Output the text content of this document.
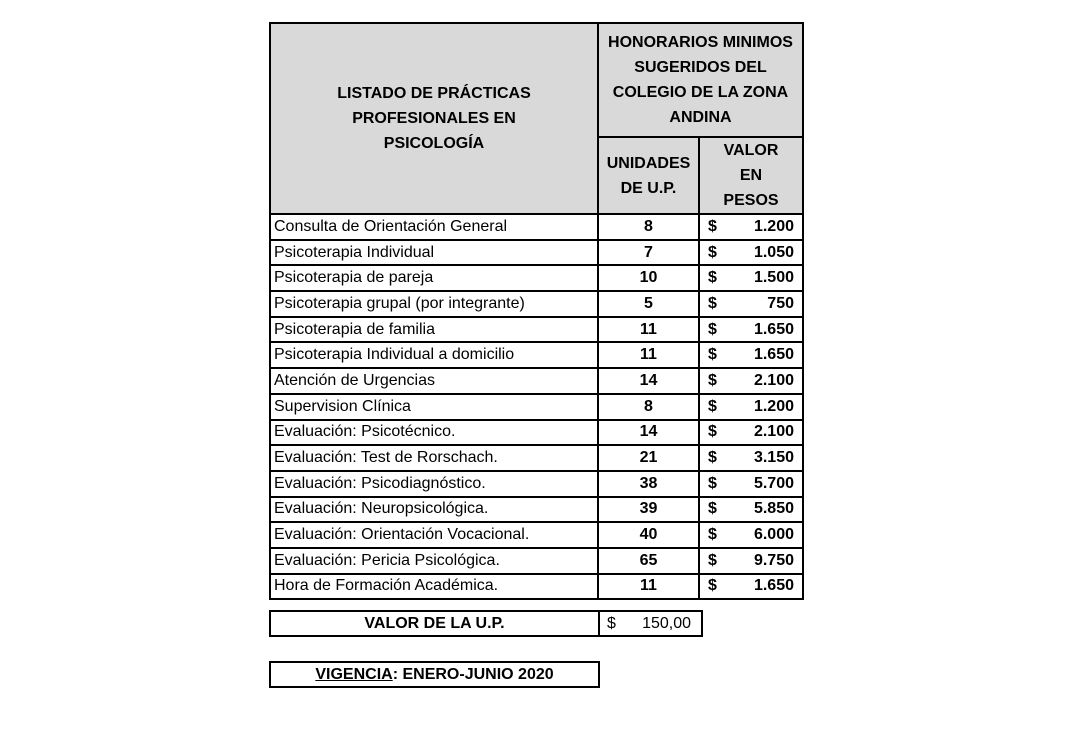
LISTADO DE PRÁCTICAS PROFESIONALES EN PSICOLOGÍA	HONORARIOS MINIMOS SUGERIDOS DEL COLEGIO DE LA ZONA ANDINA	

	UNIDADES DE U.P.	VALOR EN PESOS

Consulta de Orientación General	8	$ 1.200

Psicoterapia Individual	7	$ 1.050

Psicoterapia de pareja	10	$ 1.500

Psicoterapia grupal (por integrante)	5	$ 750

Psicoterapia de familia	11	$ 1.650

Psicoterapia Individual a domicilio	11	$ 1.650

Atención de Urgencias	14	$ 2.100

Supervision Clínica	8	$ 1.200

Evaluación: Psicotécnico.	14	$ 2.100

Evaluación: Test de Rorschach.	21	$ 3.150

Evaluación: Psicodiagnóstico.	38	$ 5.700

Evaluación: Neuropsicológica.	39	$ 5.850

Evaluación: Orientación Vocacional.	40	$ 6.000

Evaluación: Pericia Psicológica.	65	$ 9.750

Hora de Formación Académica.	11	$ 1.650
VALOR DE LA U.P.	$ 150,00
VIGENCIA : ENERO-JUNIO 2020
